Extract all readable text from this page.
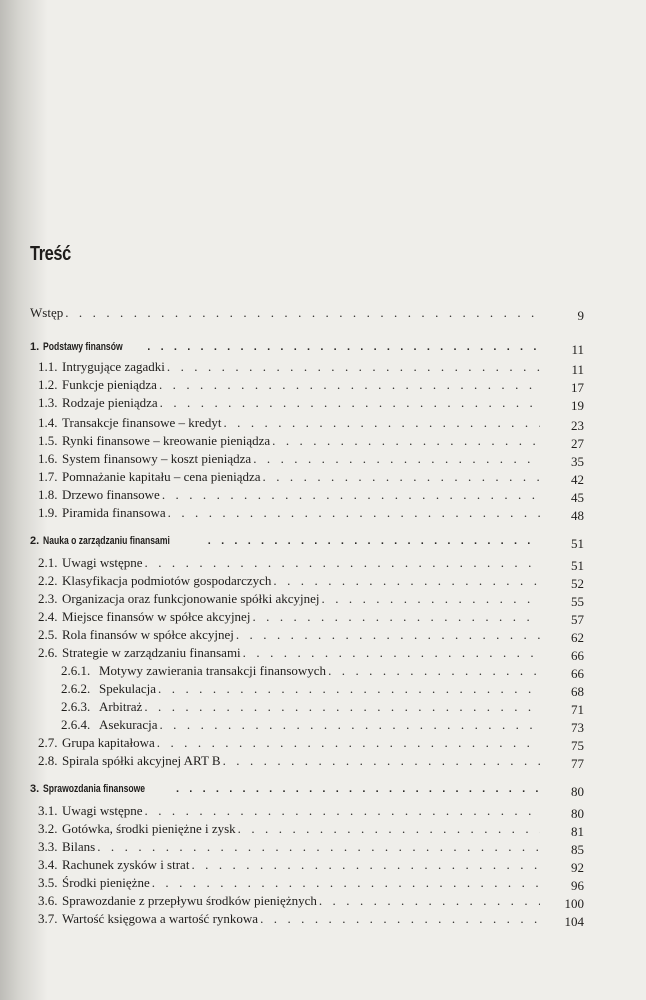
Treść
Wstęp . . .	9
1. Podstawy finansów . . .	11
1.1. Intrygujące zagadki . . .	11
1.2. Funkcje pieniądza . . .	17
1.3. Rodzaje pieniądza . . .	19
1.4. Transakcje finansowe – kredyt . . .	23
1.5. Rynki finansowe – kreowanie pieniądza . . .	27
1.6. System finansowy – koszt pieniądza . . .	35
1.7. Pomnażanie kapitału – cena pieniądza . . .	42
1.8. Drzewo finansowe . . .	45
1.9. Piramida finansowa . . .	48
2. Nauka o zarządzaniu finansami . . .	51
2.1. Uwagi wstępne . . .	51
2.2. Klasyfikacja podmiotów gospodarczych . . .	52
2.3. Organizacja oraz funkcjonowanie spółki akcyjnej . . .	55
2.4. Miejsce finansów w spółce akcyjnej . . .	57
2.5. Rola finansów w spółce akcyjnej . . .	62
2.6. Strategie w zarządzaniu finansami . . .	66
2.6.1. Motywy zawierania transakcji finansowych . . .	66
2.6.2. Spekulacja . . .	68
2.6.3. Arbitraż . . .	71
2.6.4. Asekuracja . . .	73
2.7. Grupa kapitałowa . . .	75
2.8. Spirala spółki akcyjnej ART B . . .	77
3. Sprawozdania finansowe . . .	80
3.1. Uwagi wstępne . . .	80
3.2. Gotówka, środki pieniężne i zysk . . .	81
3.3. Bilans . . .	85
3.4. Rachunek zysków i strat . . .	92
3.5. Środki pieniężne . . .	96
3.6. Sprawozdanie z przepływu środków pieniężnych . . .	100
3.7. Wartość księgowa a wartość rynkowa . . .	104
